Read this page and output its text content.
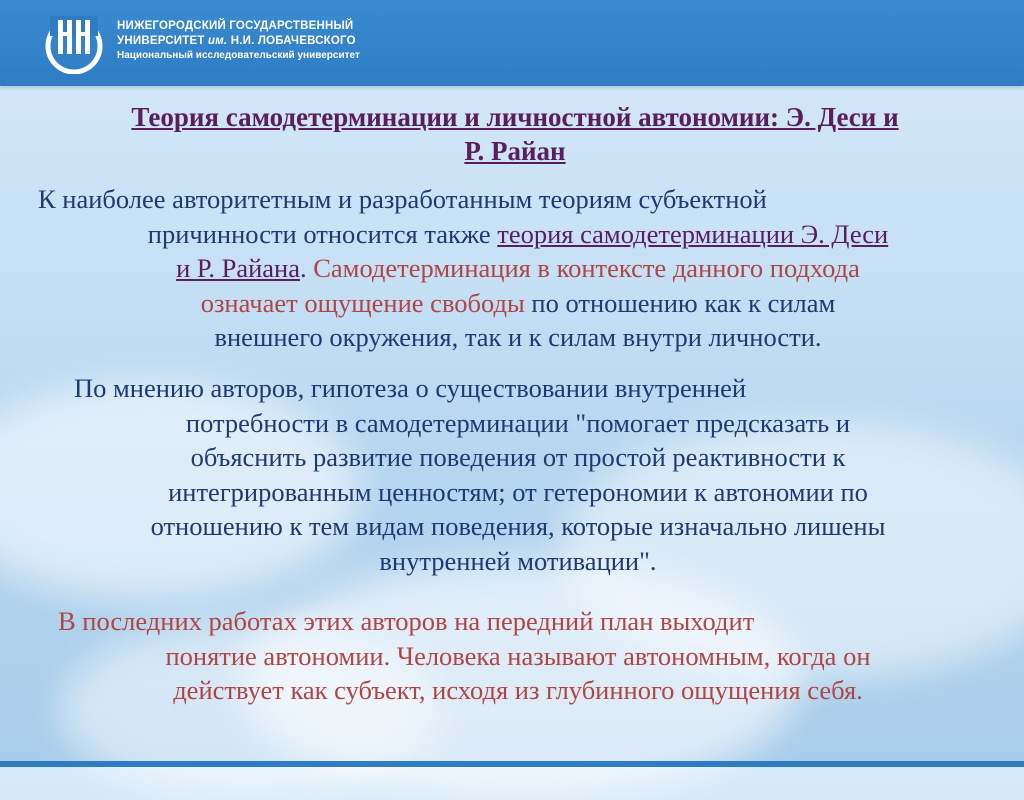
ННГУ
НИЖЕГОРОДСКИЙ ГОСУДАРСТВЕННЫЙ
УНИВЕРСИТЕТ им. Н.И. ЛОБАЧЕВСКОГО
Национальный исследовательский университет
Теория самодетерминации и личностной автономии: Э. Деси и
Р. Райан
К наиболее авторитетным и разработанным теориям субъектной
причинности относится также теория самодетерминации Э. Деси
и Р. Райана. Самодетерминация в контексте данного подхода
означает ощущение свободы по отношению как к силам
внешнего окружения, так и к силам внутри личности.
По мнению авторов, гипотеза о существовании внутренней
потребности в самодетерминации "помогает предсказать и
объяснить развитие поведения от простой реактивности к
интегрированным ценностям; от гетерономии к автономии по
отношению к тем видам поведения, которые изначально лишены
внутренней мотивации".
В последних работах этих авторов на передний план выходит
понятие автономии. Человека называют автономным, когда он
действует как субъект, исходя из глубинного ощущения себя.
